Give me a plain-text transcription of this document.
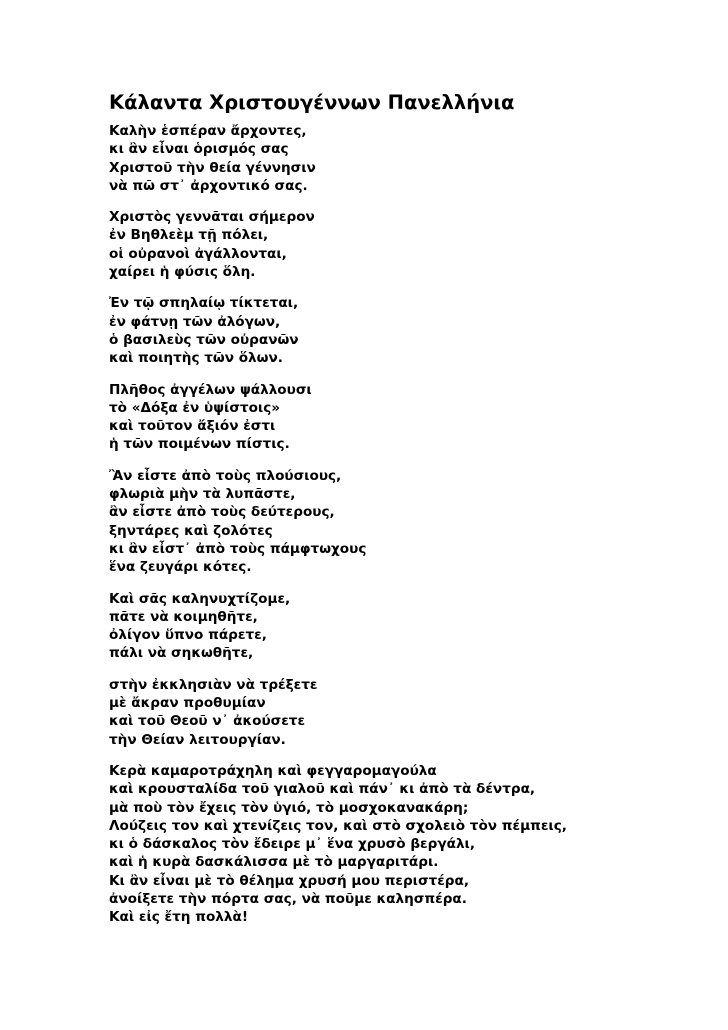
Κάλαντα Χριστουγέννων Πανελλήνια
Καλὴν ἑσπέραν ἄρχοντες,
κι ἂν εἶναι ὁρισμός σας
Χριστοῦ τὴν θεία γέννησιν
νὰ πῶ στ᾿ ἀρχοντικό σας.
Χριστὸς γεννᾶται σήμερον
ἐν Βηθλεὲμ τῇ πόλει,
οἱ οὐρανοὶ ἀγάλλονται,
χαίρει ἡ φύσις ὅλη.
Ἐν τῷ σπηλαίῳ τίκτεται,
ἐν φάτνῃ τῶν ἀλόγων,
ὁ βασιλεὺς τῶν οὐρανῶν
καὶ ποιητὴς τῶν ὅλων.
Πλῆθος ἀγγέλων ψάλλουσι
τὸ «Δόξα ἐν ὑψίστοις»
καὶ τοῦτον ἄξιόν ἐστι
ἡ τῶν ποιμένων πίστις.
Ἂν εἶστε ἀπὸ τοὺς πλούσιους,
φλωριὰ μὴν τὰ λυπᾶστε,
ἂν εἶστε ἀπὸ τοὺς δεύτερους,
ξηντάρες καὶ ζολότες
κι ἂν εἶστ᾿ ἀπὸ τοὺς πάμφτωχους
ἕνα ζευγάρι κότες.
Καὶ σᾶς καληνυχτίζομε,
πᾶτε νὰ κοιμηθῆτε,
ὀλίγον ὕπνο πάρετε,
πάλι νὰ σηκωθῆτε,
στὴν ἐκκλησιὰν νὰ τρέξετε
μὲ ἄκραν προθυμίαν
καὶ τοῦ Θεοῦ ν᾿ ἀκούσετε
τὴν Θείαν λειτουργίαν.
Κερὰ καμαροτράχηλη καὶ φεγγαρομαγούλα
καὶ κρουσταλίδα τοῦ γιαλοῦ καὶ πάν᾿ κι ἀπὸ τὰ δέντρα,
μὰ ποὺ τὸν ἔχεις τὸν ὑγιό, τὸ μοσχοκανακάρη;
Λούζεις τον καὶ χτενίζεις τον, καὶ στὸ σχολειὸ τὸν πέμπεις,
κι ὁ δάσκαλος τὸν ἔδειρε μ᾿ ἕνα χρυσὸ βεργάλι,
καὶ ἡ κυρὰ δασκάλισσα μὲ τὸ μαργαριτάρι.
Κι ἂν εἶναι μὲ τὸ θέλημα χρυσή μου περιστέρα,
ἀνοίξετε τὴν πόρτα σας, νὰ ποῦμε καλησπέρα.
Καὶ εἰς ἔτη πολλὰ!
